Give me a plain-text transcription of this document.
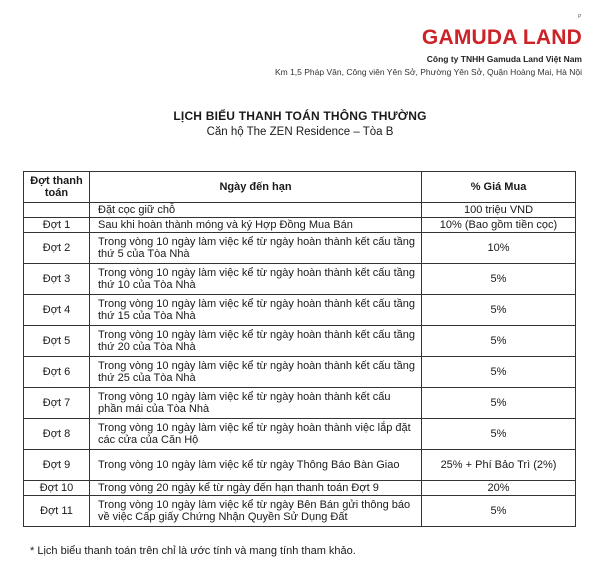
P
GAMUDA LAND
Công ty TNHH Gamuda Land Việt Nam
Km 1,5 Pháp Vân, Công viên Yên Sở, Phường Yên Sở, Quận Hoàng Mai, Hà Nội
LỊCH BIỂU THANH TOÁN THÔNG THƯỜNG
Căn hộ The ZEN Residence – Tòa B
Đợt thanh toán	Ngày đến hạn	% Giá Mua
	Đặt cọc giữ chỗ	100 triệu VND
Đợt 1	Sau khi hoàn thành móng và ký Hợp Đồng Mua Bán	10% (Bao gồm tiền cọc)
Đợt 2	Trong vòng 10 ngày làm việc kể từ ngày hoàn thành kết cấu tầng thứ 5 của Tòa Nhà	10%
Đợt 3	Trong vòng 10 ngày làm việc kể từ ngày hoàn thành kết cấu tầng thứ 10 của Tòa Nhà	5%
Đợt 4	Trong vòng 10 ngày làm việc kể từ ngày hoàn thành kết cấu tầng thứ 15 của Tòa Nhà	5%
Đợt 5	Trong vòng 10 ngày làm việc kể từ ngày hoàn thành kết cấu tầng thứ 20 của Tòa Nhà	5%
Đợt 6	Trong vòng 10 ngày làm việc kể từ ngày hoàn thành kết cấu tầng thứ 25 của Tòa Nhà	5%
Đợt 7	Trong vòng 10 ngày làm việc kể từ ngày hoàn thành kết cấu phần mái của Tòa Nhà	5%
Đợt 8	Trong vòng 10 ngày làm việc kể từ ngày hoàn thành việc lắp đặt các cửa của Căn Hộ	5%
Đợt 9	Trong vòng 10 ngày làm việc kể từ ngày Thông Báo Bàn Giao	25% + Phí Bảo Trì (2%)
Đợt 10	Trong vòng 20 ngày kể từ ngày đến hạn thanh toán Đợt 9	20%
Đợt 11	Trong vòng 10 ngày làm việc kể từ ngày Bên Bán gửi thông báo về việc Cấp giấy Chứng Nhận Quyền Sử Dụng Đất	5%
* Lịch biểu thanh toán trên chỉ là ước tính và mang tính tham khảo.
